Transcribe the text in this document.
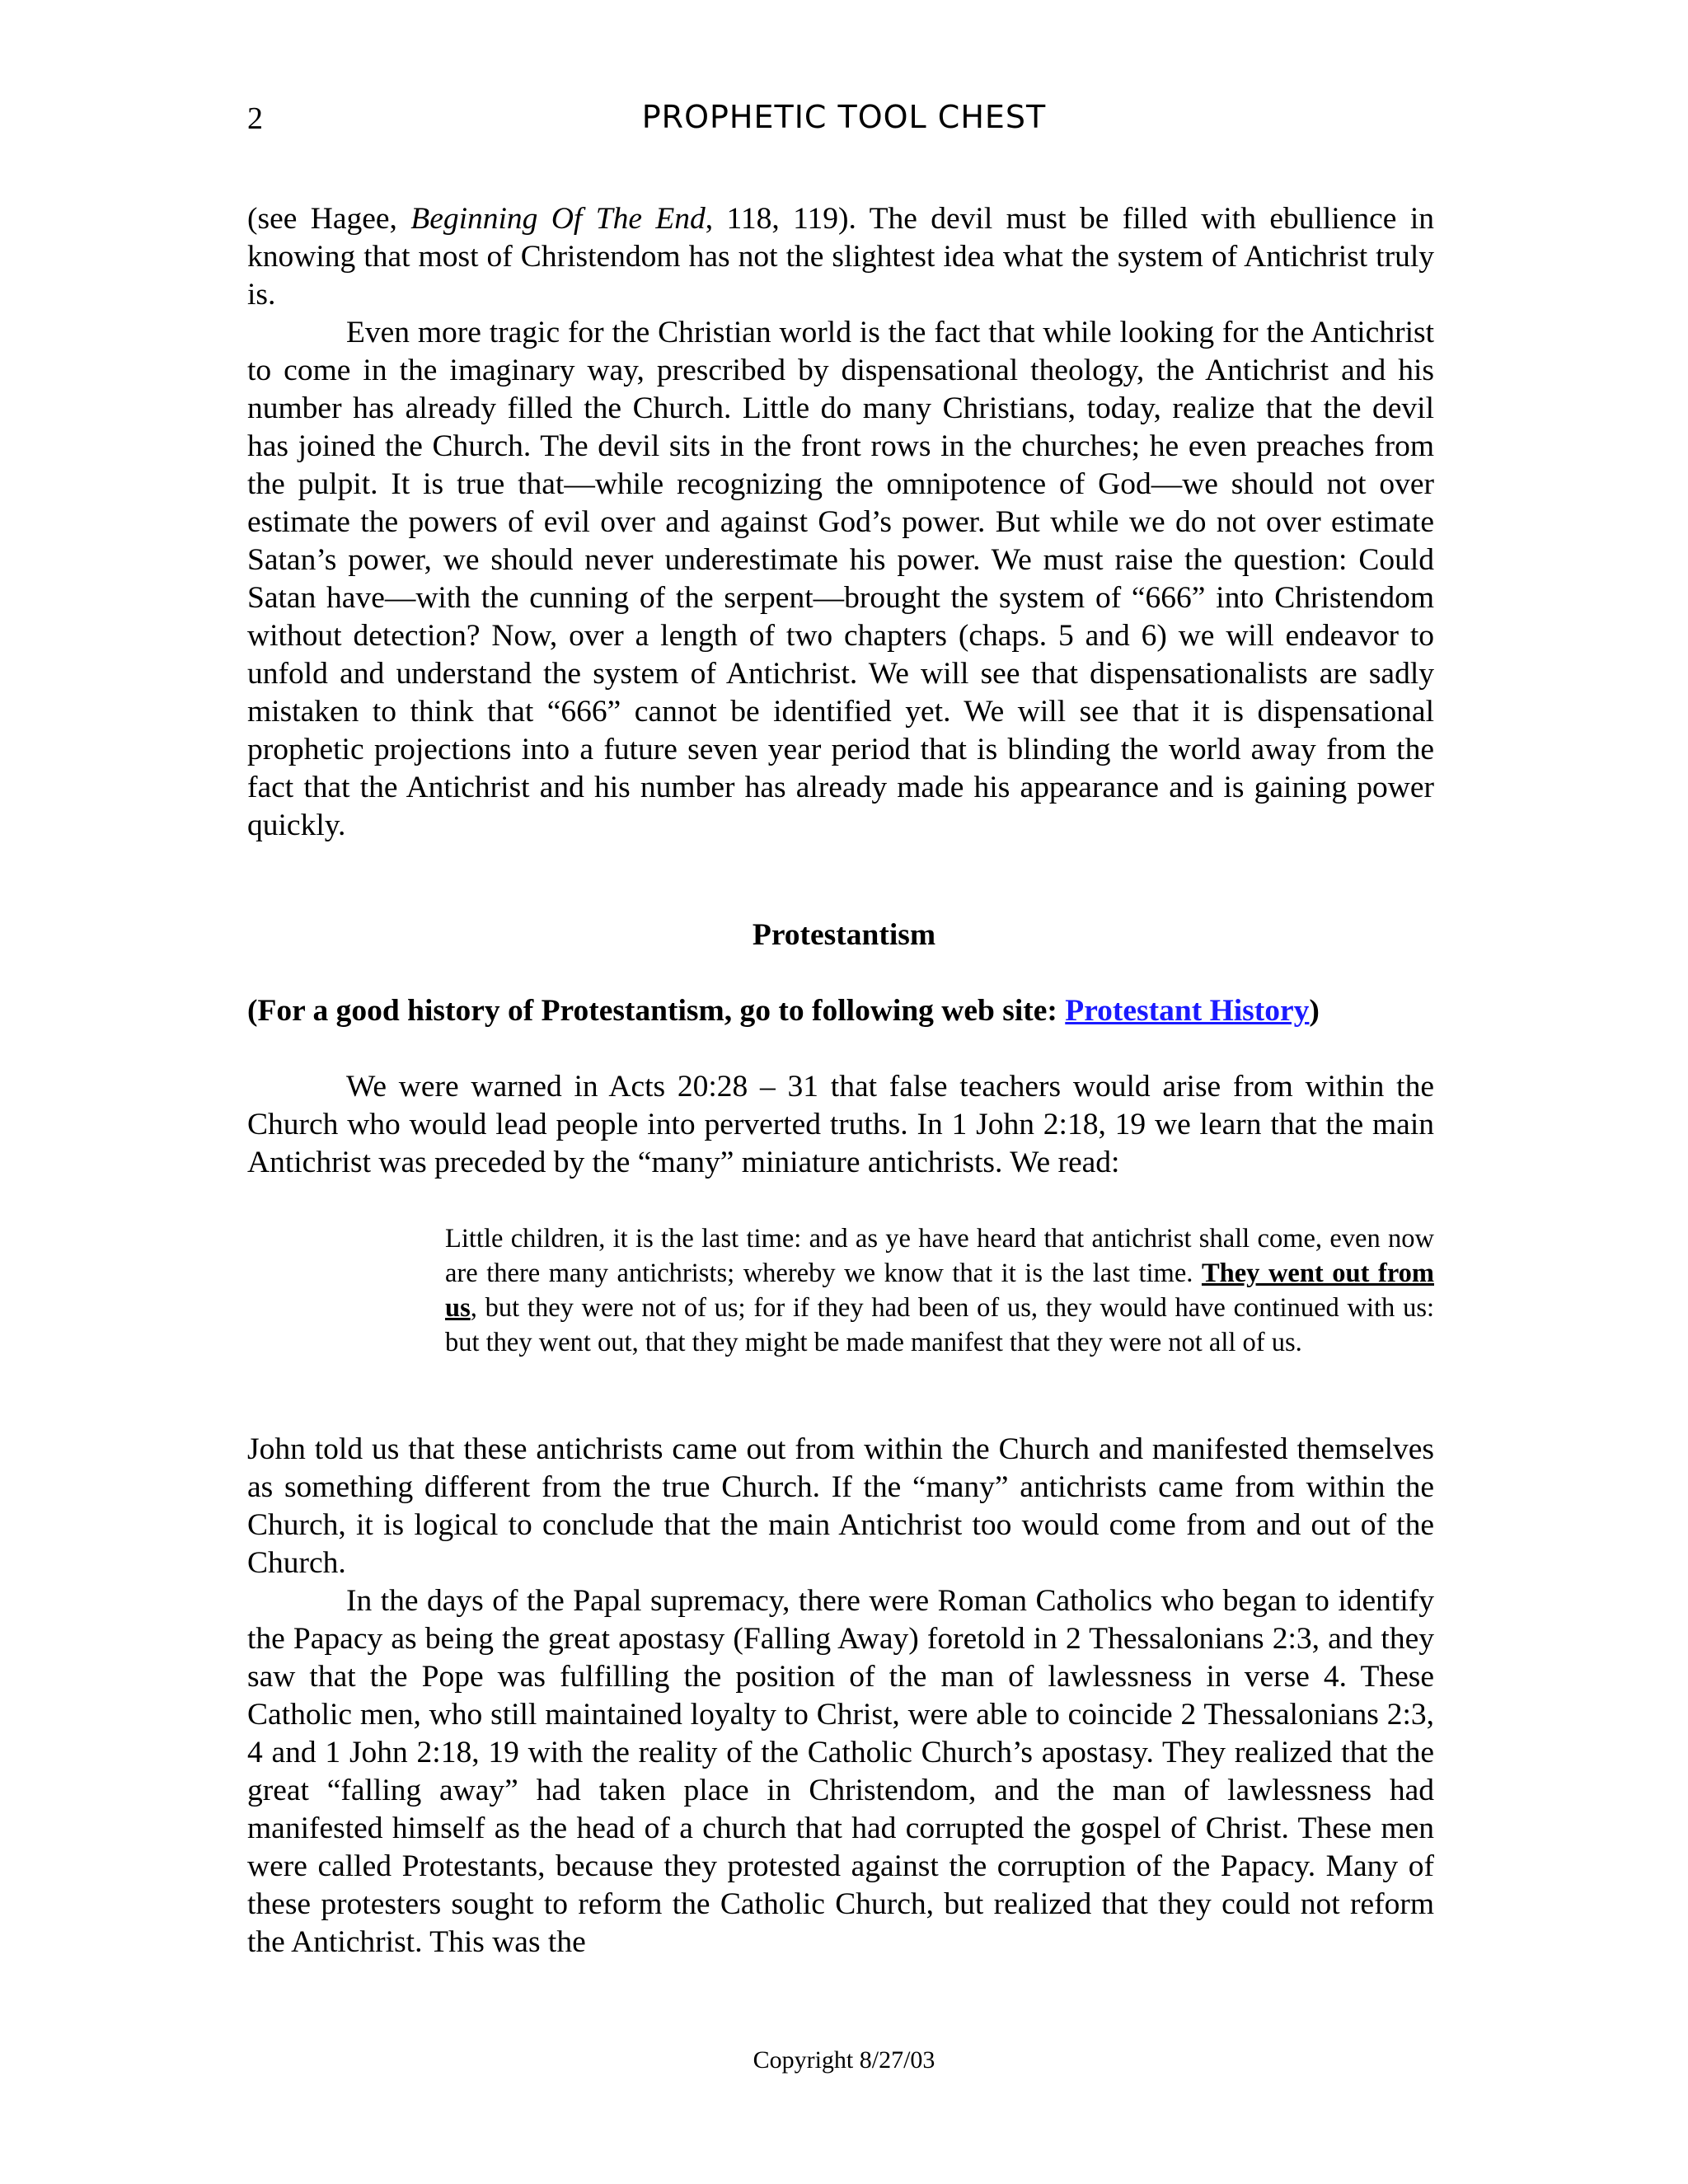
2	PROPHETIC TOOL CHEST

(see Hagee, Beginning Of The End, 118, 119). The devil must be filled with ebullience in knowing that most of Christendom has not the slightest idea what the system of Antichrist truly is.

Even more tragic for the Christian world is the fact that while looking for the Antichrist to come in the imaginary way, prescribed by dispensational theology, the Antichrist and his number has already filled the Church. Little do many Christians, today, realize that the devil has joined the Church. The devil sits in the front rows in the churches; he even preaches from the pulpit. It is true that—while recognizing the omnipotence of God—we should not over estimate the powers of evil over and against God’s power. But while we do not over estimate Satan’s power, we should never underestimate his power. We must raise the question: Could Satan have—with the cunning of the serpent—brought the system of “666” into Christendom without detection? Now, over a length of two chapters (chaps. 5 and 6) we will endeavor to unfold and understand the system of Antichrist. We will see that dispensationalists are sadly mistaken to think that “666” cannot be identified yet. We will see that it is dispensational prophetic projections into a future seven year period that is blinding the world away from the fact that the Antichrist and his number has already made his appearance and is gaining power quickly.

Protestantism
(For a good history of Protestantism, go to following web site: Protestant History)

We were warned in Acts 20:28 – 31 that false teachers would arise from within the Church who would lead people into perverted truths. In 1 John 2:18, 19 we learn that the main Antichrist was preceded by the “many” miniature antichrists. We read:

Little children, it is the last time: and as ye have heard that antichrist shall come, even now are there many antichrists; whereby we know that it is the last time. They went out from us, but they were not of us; for if they had been of us, they would have continued with us: but they went out, that they might be made manifest that they were not all of us.

John told us that these antichrists came out from within the Church and manifested themselves as something different from the true Church. If the “many” antichrists came from within the Church, it is logical to conclude that the main Antichrist too would come from and out of the Church.

In the days of the Papal supremacy, there were Roman Catholics who began to identify the Papacy as being the great apostasy (Falling Away) foretold in 2 Thessalonians 2:3, and they saw that the Pope was fulfilling the position of the man of lawlessness in verse 4. These Catholic men, who still maintained loyalty to Christ, were able to coincide 2 Thessalonians 2:3, 4 and 1 John 2:18, 19 with the reality of the Catholic Church’s apostasy. They realized that the great “falling away” had taken place in Christendom, and the man of lawlessness had manifested himself as the head of a church that had corrupted the gospel of Christ. These men were called Protestants, because they protested against the corruption of the Papacy. Many of these protesters sought to reform the Catholic Church, but realized that they could not reform the Antichrist. This was the

Copyright 8/27/03
